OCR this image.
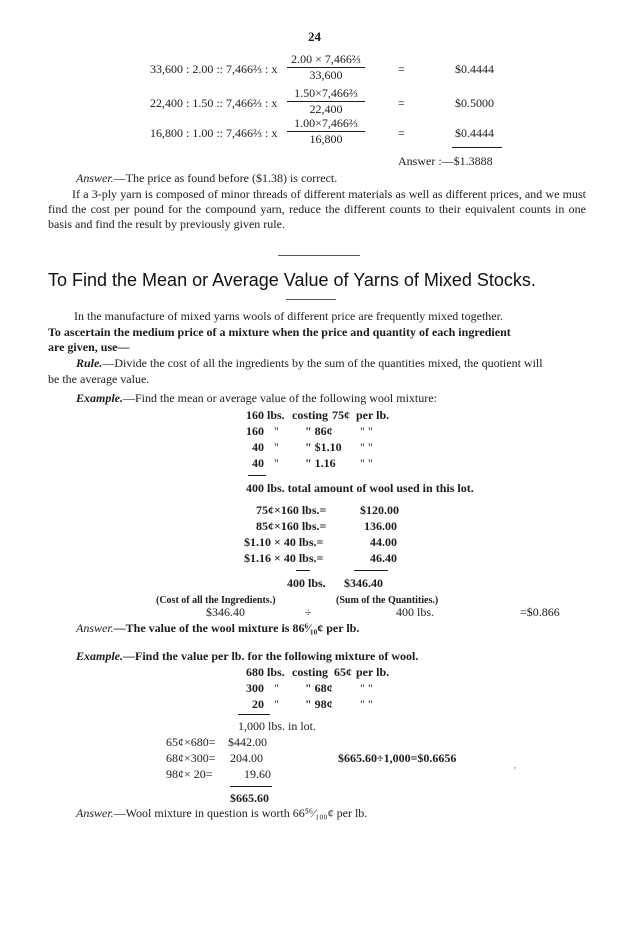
24
33,600 : 2.00 :: 7,466⅔ : x $\frac{\text{2.00 × 7,466⅔}}{33,600}$	=	$0.4444
22,400 : 1.50 :: 7,466⅔ : x $\frac{\text{1.50×7,466⅔}}{22,400}$	=	$0.5000
16,800 : 1.00 :: 7,466⅔ : x $\frac{\text{1.00×7,466⅔}}{16,800}$	=	$0.4444
Answer :—$1.3888
Answer.—The price as found before ($1.38) is correct.
If a 3-ply yarn is composed of minor threads of different materials as well as different prices, and we must find the cost per pound for the compound yarn, reduce the different counts to their equivalent counts in one basis and find the result by previously given rule.
To Find the Mean or Average Value of Yarns of Mixed Stocks.
In the manufacture of mixed yarns wools of different price are frequently mixed together.
To ascertain the medium price of a mixture when the price and quantity of each ingredient
are given, use—
Rule.—Divide the cost of all the ingredients by the sum of the quantities mixed, the quotient will
be the average value.
Example.—Find the mean or average value of the following wool mixture:
160 lbs. costing 75¢ per lb.
160 " " 86¢ " "
40 " " $1.10 " "
40 " " 1.16 " "
400 lbs. total amount of wool used in this lot.
75¢×160 lbs.=	$120.00
85¢×160 lbs.=	136.00
$1.10 × 40 lbs.=	44.00
$1.16 × 40 lbs.=	46.40
400 lbs. $346.40
(Cost of all the Ingredients.)	(Sum of the Quantities.)
$346.40	÷	400 lbs.	=$0.866
Answer.—The value of the wool mixture is 86⁶⁄₁₀¢ per lb.
Example.—Find the value per lb. for the following mixture of wool.
680 lbs. costing 65¢ per lb.
300 " " 68¢ " "
20 " " 98¢ " "
1,000 lbs. in lot.
65¢×680= $442.00
68¢×300= 204.00
98¢× 20=	19.60
$665.60÷1,000=$0.6656
$665.60
Answer.—Wool mixture in question is worth 66⁵⁶⁄₁₀₀¢ per lb.
'
